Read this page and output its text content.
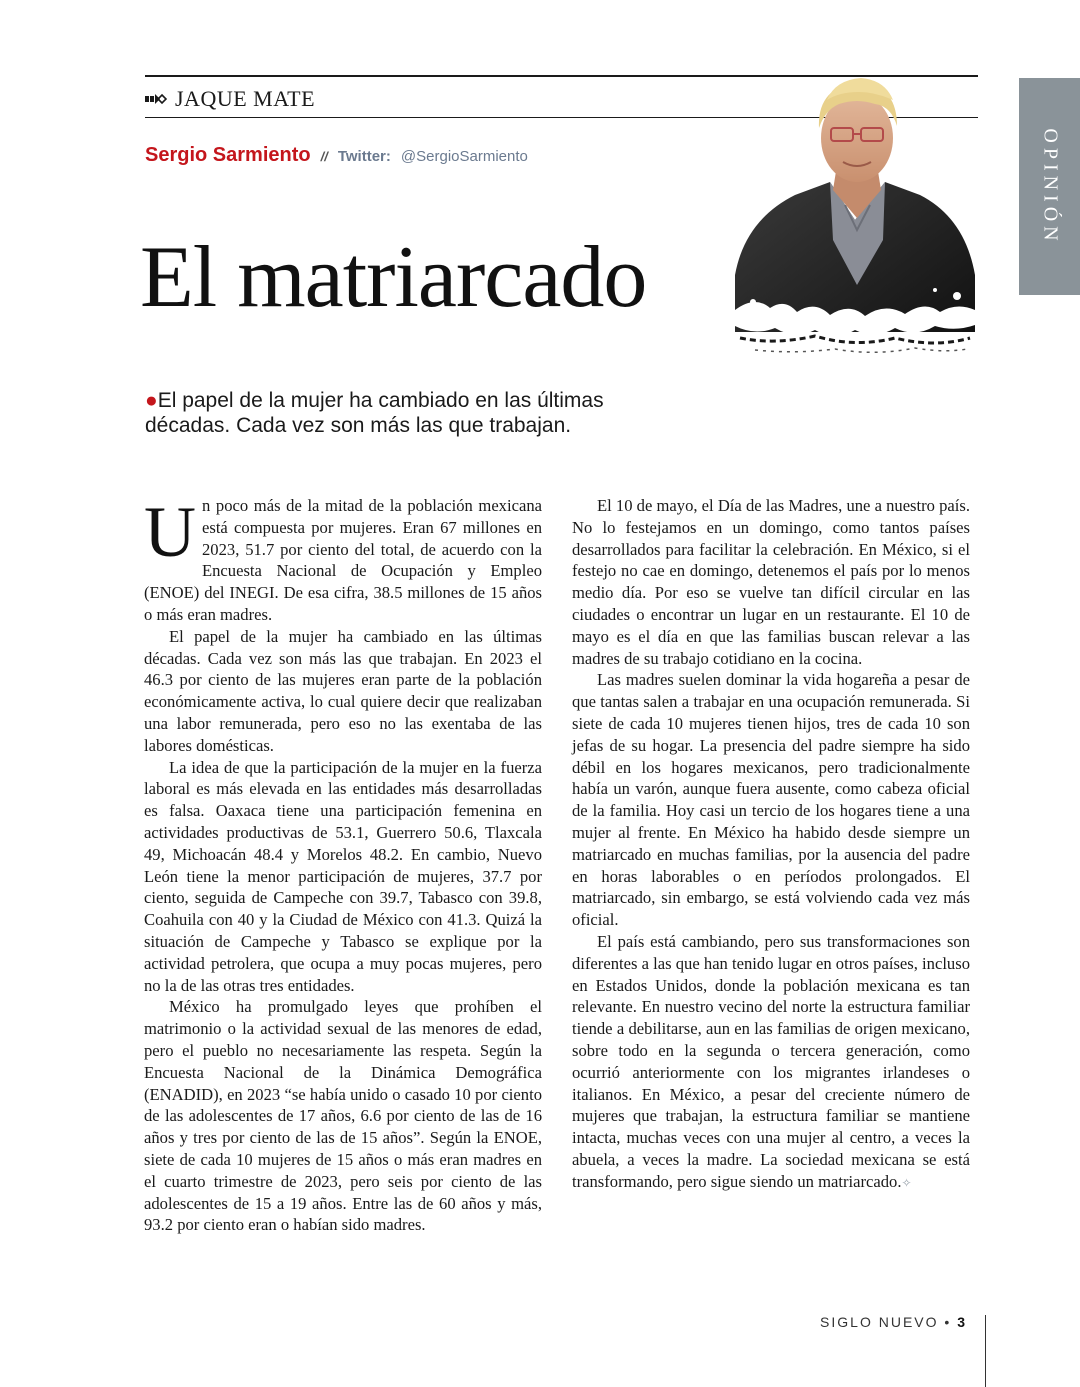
JAQUE MATE
Sergio Sarmiento // Twitter: @SergioSarmiento
El matriarcado
OPINIÓN
●El papel de la mujer ha cambiado en las últimas décadas. Cada vez son más las que trabajan.

Un poco más de la mitad de la población mexicana está compuesta por mujeres. Eran 67 millones en 2023, 51.7 por ciento del total, de acuerdo con la Encuesta Nacional de Ocupación y Empleo (ENOE) del INEGI. De esa cifra, 38.5 millones de 15 años o más eran madres.

El papel de la mujer ha cambiado en las últimas décadas. Cada vez son más las que trabajan. En 2023 el 46.3 por ciento de las mujeres eran parte de la población económicamente activa, lo cual quiere decir que realizaban una labor remunerada, pero eso no las exentaba de las labores domésticas.

La idea de que la participación de la mujer en la fuerza laboral es más elevada en las entidades más desarrolladas es falsa. Oaxaca tiene una participación femenina en actividades productivas de 53.1, Guerrero 50.6, Tlaxcala 49, Michoacán 48.4 y Morelos 48.2. En cambio, Nuevo León tiene la menor participación de mujeres, 37.7 por ciento, seguida de Campeche con 39.7, Tabasco con 39.8, Coahuila con 40 y la Ciudad de México con 41.3. Quizá la situación de Campeche y Tabasco se explique por la actividad petrolera, que ocupa a muy pocas mujeres, pero no la de las otras tres entidades.

México ha promulgado leyes que prohíben el matrimonio o la actividad sexual de las menores de edad, pero el pueblo no necesariamente las respeta. Según la Encuesta Nacional de la Dinámica Demográfica (ENADID), en 2023 “se había unido o casado 10 por ciento de las adolescentes de 17 años, 6.6 por ciento de las de 16 años y tres por ciento de las de 15 años”. Según la ENOE, siete de cada 10 mujeres de 15 años o más eran madres en el cuarto trimestre de 2023, pero seis por ciento de las adolescentes de 15 a 19 años. Entre las de 60 años y más, 93.2 por ciento eran o habían sido madres.

El 10 de mayo, el Día de las Madres, une a nuestro país. No lo festejamos en un domingo, como tantos países desarrollados para facilitar la celebración. En México, si el festejo no cae en domingo, detenemos el país por lo menos medio día. Por eso se vuelve tan difícil circular en las ciudades o encontrar un lugar en un restaurante. El 10 de mayo es el día en que las familias buscan relevar a las madres de su trabajo cotidiano en la cocina.

Las madres suelen dominar la vida hogareña a pesar de que tantas salen a trabajar en una ocupación remunerada. Si siete de cada 10 mujeres tienen hijos, tres de cada 10 son jefas de su hogar. La presencia del padre siempre ha sido débil en los hogares mexicanos, pero tradicionalmente había un varón, aunque fuera ausente, como cabeza oficial de la familia. Hoy casi un tercio de los hogares tiene a una mujer al frente. En México ha habido desde siempre un matriarcado en muchas familias, por la ausencia del padre en horas laborables o en períodos prolongados. El matriarcado, sin embargo, se está volviendo cada vez más oficial.

El país está cambiando, pero sus transformaciones son diferentes a las que han tenido lugar en otros países, incluso en Estados Unidos, donde la población mexicana es tan relevante. En nuestro vecino del norte la estructura familiar tiende a debilitarse, aun en las familias de origen mexicano, sobre todo en la segunda o tercera generación, como ocurrió anteriormente con los migrantes irlandeses o italianos. En México, a pesar del creciente número de mujeres que trabajan, la estructura familiar se mantiene intacta, muchas veces con una mujer al centro, a veces la abuela, a veces la madre. La sociedad mexicana se está transformando, pero sigue siendo un matriarcado.✧

SIGLO NUEVO • 3
